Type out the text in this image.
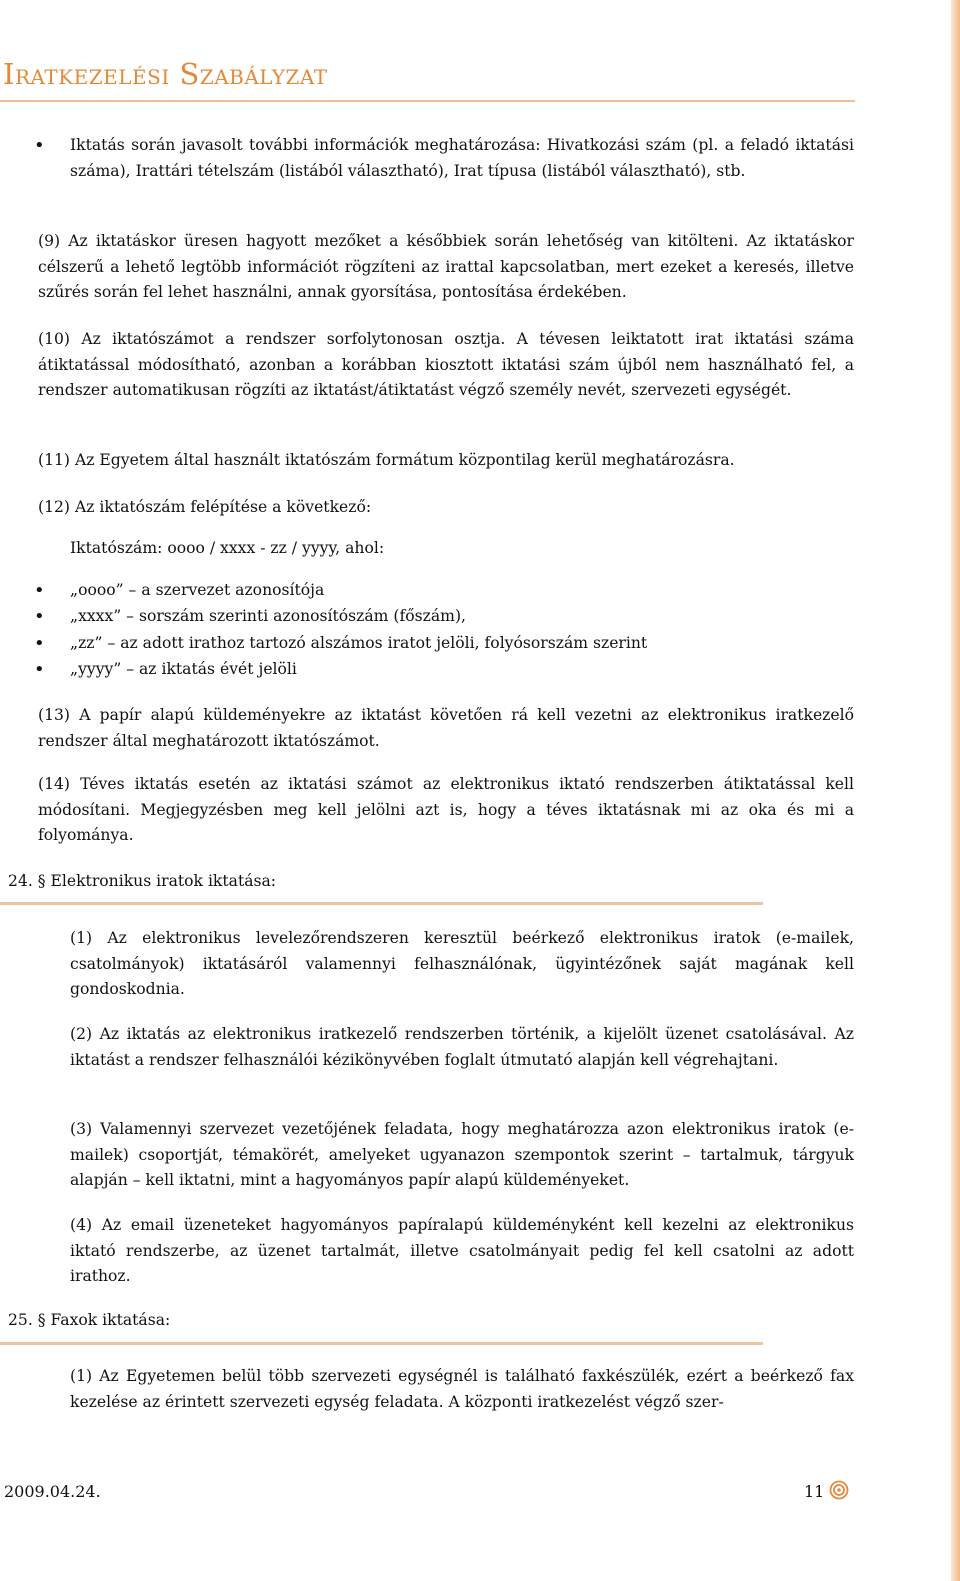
Iratkezelési Szabályzat
• Iktatás során javasolt további információk meghatározása: Hivatkozási szám (pl. a feladó iktatási száma), Irattári tételszám (listából választható), Irat típusa (listából választható), stb.

(9) Az iktatáskor üresen hagyott mezőket a későbbiek során lehetőség van kitölteni. Az iktatáskor célszerű a lehető legtöbb információt rögzíteni az irattal kapcsolatban, mert ezeket a keresés, illetve szűrés során fel lehet használni, annak gyorsítása, pontosítása érdekében.

(10) Az iktatószámot a rendszer sorfolytonosan osztja. A tévesen leiktatott irat iktatási száma átiktatással módosítható, azonban a korábban kiosztott iktatási szám újból nem használható fel, a rendszer automatikusan rögzíti az iktatást/átiktatást végző személy nevét, szervezeti egységét.

(11) Az Egyetem által használt iktatószám formátum központilag kerül meghatározásra.

(12) Az iktatószám felépítése a következő:

Iktatószám: oooo / xxxx - zz / yyyy, ahol:

• „oooo” – a szervezet azonosítója

• „xxxx” – sorszám szerinti azonosítószám (főszám),

• „zz” – az adott irathoz tartozó alszámos iratot jelöli, folyósorszám szerint

• „yyyy” – az iktatás évét jelöli

(13) A papír alapú küldeményekre az iktatást követően rá kell vezetni az elektronikus iratkezelő rendszer által meghatározott iktatószámot.

(14) Téves iktatás esetén az iktatási számot az elektronikus iktató rendszerben átiktatással kell módosítani. Megjegyzésben meg kell jelölni azt is, hogy a téves iktatásnak mi az oka és mi a folyománya.

24. § Elektronikus iratok iktatása:

(1) Az elektronikus levelezőrendszeren keresztül beérkező elektronikus iratok (e-mailek, csatolmányok) iktatásáról valamennyi felhasználónak, ügyintézőnek saját magának kell gondoskodnia.

(2) Az iktatás az elektronikus iratkezelő rendszerben történik, a kijelölt üzenet csatolásával. Az iktatást a rendszer felhasználói kézikönyvében foglalt útmutató alapján kell végrehajtani.

(3) Valamennyi szervezet vezetőjének feladata, hogy meghatározza azon elektronikus iratok (e-mailek) csoportját, témakörét, amelyeket ugyanazon szempontok szerint – tartalmuk, tárgyuk alapján – kell iktatni, mint a hagyományos papír alapú küldeményeket.

(4) Az email üzeneteket hagyományos papíralapú küldeményként kell kezelni az elektronikus iktató rendszerbe, az üzenet tartalmát, illetve csatolmányait pedig fel kell csatolni az adott irathoz.

25. § Faxok iktatása:

(1) Az Egyetemen belül több szervezeti egységnél is található faxkészülék, ezért a beérkező fax kezelése az érintett szervezeti egység feladata. A központi iratkezelést végző szer-

2009.04.24.	11
